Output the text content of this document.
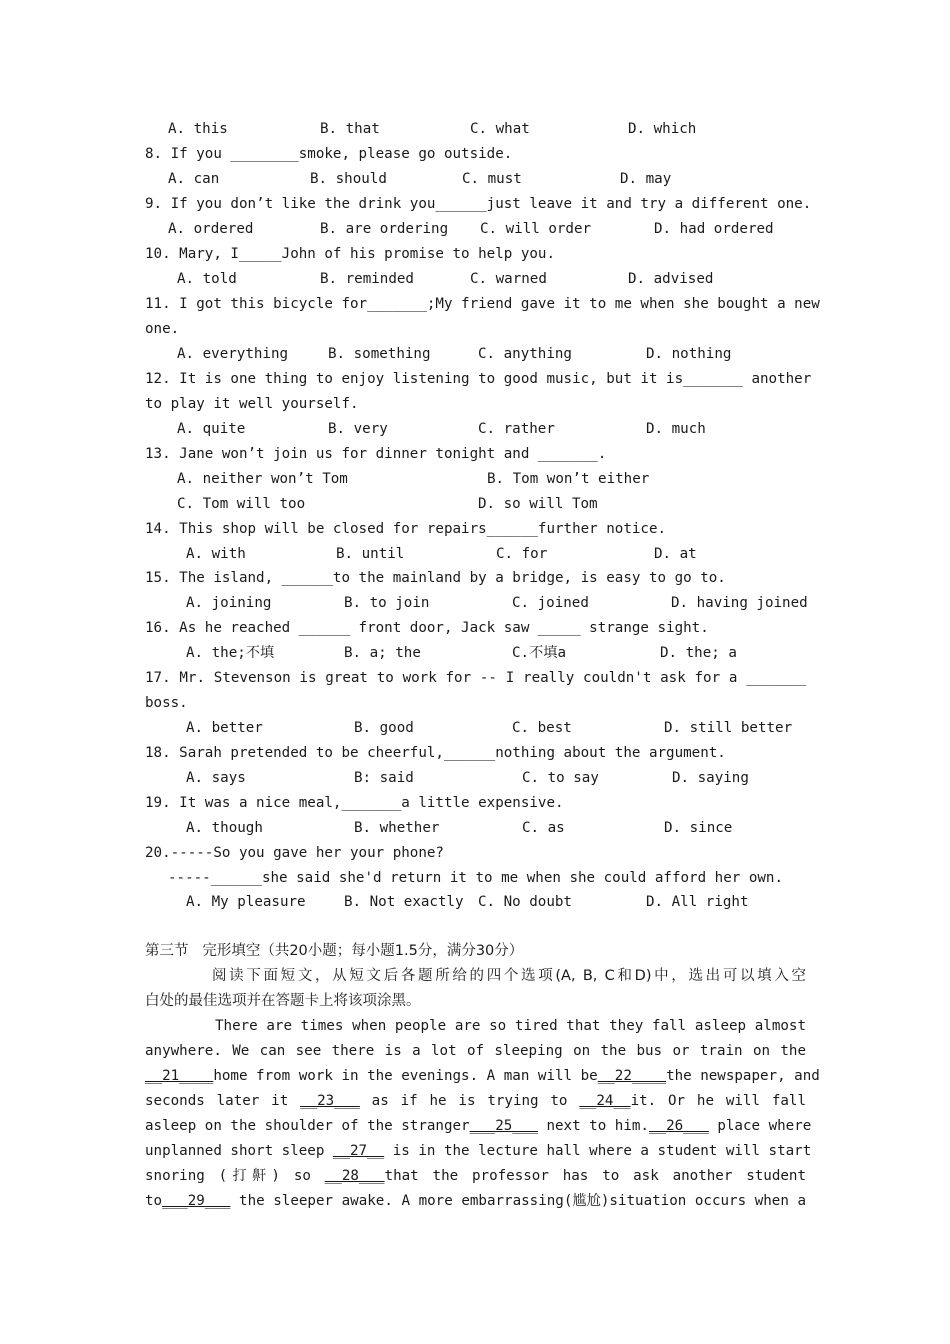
A. this	B. that	C. what	D. which
8. If you ________smoke, please go outside.
A. can	B. should	C. must	D. may
9. If you don’t like the drink you______just leave it and try a different one.
A. ordered	B. are ordering C. will order	D. had ordered
10. Mary, I_____John of his promise to help you.
A. told	B. reminded	C. warned	D. advised
11. I got this bicycle for_______;My friend gave it to me when she bought a new
one.
A. everything	B. something	C. anything	D. nothing
12. It is one thing to enjoy listening to good music, but it is_______ another
to play it well yourself.
A. quite	B. very	C. rather	D. much
13. Jane won’t join us for dinner tonight and _______.
A. neither won’t Tom	B. Tom won’t either
C. Tom will too	D. so will Tom
14. This shop will be closed for repairs______further notice.
A. with	B. until	C. for	D. at
15. The island, ______to the mainland by a bridge, is easy to go to.
A. joining	B. to join	C. joined	D. having joined
16. As he reached ______ front door, Jack saw _____ strange sight.
A. the;不填	B. a; the	C.不填a	D. the; a
17. Mr. Stevenson is great to work for -- I really couldn't ask for a _______
boss.
A. better	B. good	C. best	D. still better
18. Sarah pretended to be cheerful,______nothing about the argument.
A. says	B: said	C. to say	D. saying
19. It was a nice meal,_______a little expensive.
A. though	B. whether	C. as	D. since
20.-----So you gave her your phone?
-----______she said she'd return it to me when she could afford her own.
A. My pleasure	B. Not exactly C. No doubt	D. All right
第三节   完形填空（共20小题；每小题1.5分，满分30分）
阅读下面短文，从短文后各题所给的四个选项(A, B, C和D)中，选出可以填入空
白处的最佳选项并在答题卡上将该项涂黑。
There are times when people are so tired that they fall asleep almost
anywhere. We can see there is a lot of sleeping on the bus or train on the
__21____home from work in the evenings. A man will be__22____the newspaper, and
seconds later it __23___ as if he is trying to __24__it. Or he will fall
asleep on the shoulder of the stranger___25___ next to him.__26___ place where
unplanned short sleep __27__ is in the lecture hall where a student will start
snoring (打鼾) so __28___that the professor has to ask another student
to___29___ the sleeper awake. A more embarrassing(尴尬)situation occurs when a
